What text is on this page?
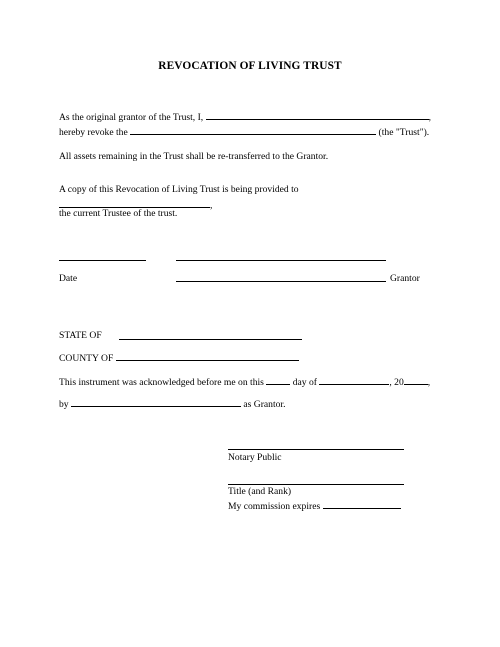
REVOCATION OF LIVING TRUST
As the original grantor of the Trust, I,	,
hereby revoke the	(the "Trust").
All assets remaining in the Trust shall be re-transferred to the Grantor.
A copy of this Revocation of Living Trust is being provided to
,
the current Trustee of the trust.
Date	Grantor
STATE OF
COUNTY OF
This instrument was acknowledged before me on this	day of	, 20	,
by	as Grantor.
Notary Public
Title (and Rank)
My commission expires
